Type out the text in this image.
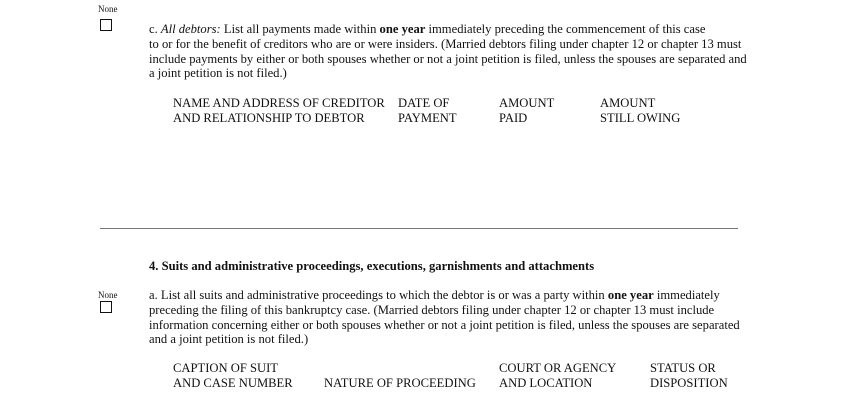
None
c. All debtors: List all payments made within one year immediately preceding the commencement of this case
to or for the benefit of creditors who are or were insiders. (Married debtors filing under chapter 12 or chapter 13 must
include payments by either or both spouses whether or not a joint petition is filed, unless the spouses are separated and
a joint petition is not filed.)
NAME AND ADDRESS OF CREDITOR
AND RELATIONSHIP TO DEBTOR
DATE OF
PAYMENT
AMOUNT
PAID
AMOUNT
STILL OWING
4. Suits and administrative proceedings, executions, garnishments and attachments
None	a. List all suits and administrative proceedings to which the debtor is or was a party within one year immediately
preceding the filing of this bankruptcy case. (Married debtors filing under chapter 12 or chapter 13 must include
information concerning either or both spouses whether or not a joint petition is filed, unless the spouses are separated
and a joint petition is not filed.)
CAPTION OF SUIT
AND CASE NUMBER NATURE OF PROCEEDING
COURT OR AGENCY
AND LOCATION
STATUS OR
DISPOSITION
